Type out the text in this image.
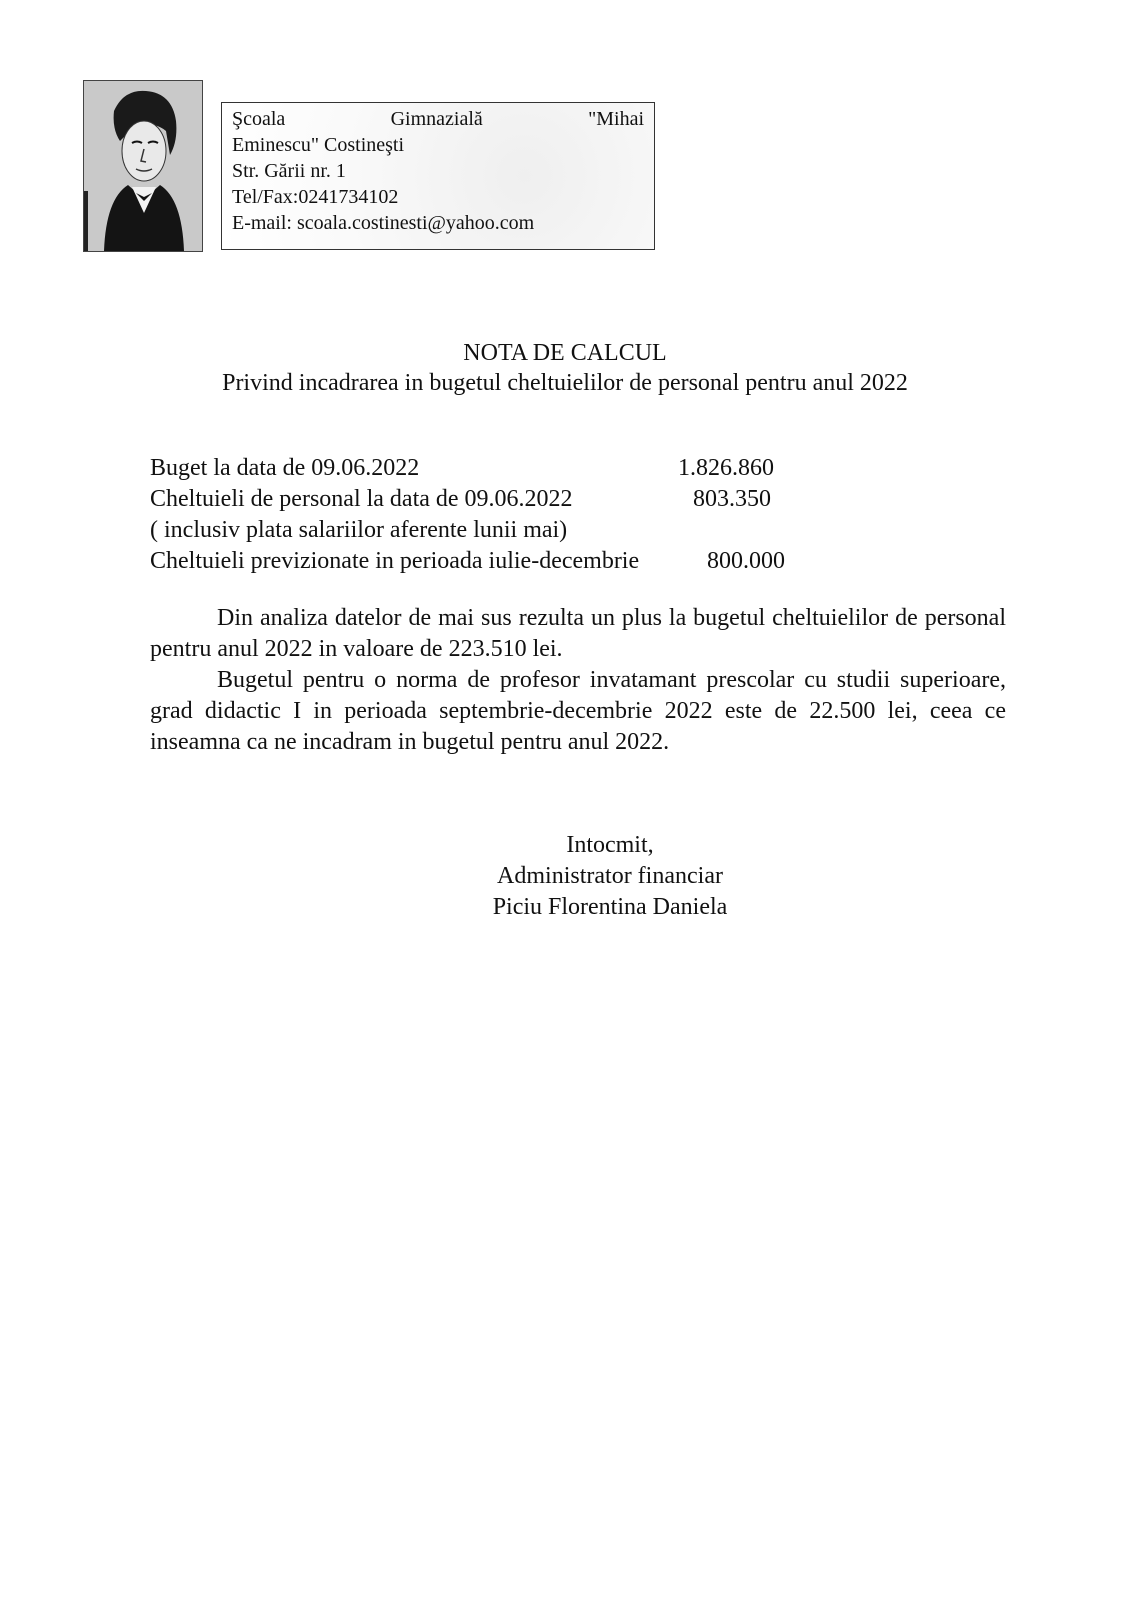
Şcoala	Gimnazială	"Mihai
Eminescu" Costineşti
Str. Gării nr. 1
Tel/Fax:0241734102
E-mail: scoala.costinesti@yahoo.com
NOTA DE CALCUL
Privind incadrarea in bugetul cheltuielilor de personal pentru anul 2022
Buget la data de 09.06.2022	1.826.860
Cheltuieli de personal la data de 09.06.2022	803.350
( inclusiv plata salariilor aferente lunii mai)
Cheltuieli previzionate in perioada iulie-decembrie	800.000

Din analiza datelor de mai sus rezulta un plus la bugetul cheltuielilor de personal pentru anul 2022 in valoare de 223.510 lei.

Bugetul pentru o norma de profesor invatamant prescolar cu studii superioare, grad didactic I in perioada septembrie-decembrie 2022 este de 22.500 lei, ceea ce inseamna ca ne incadram in bugetul pentru anul 2022.

Intocmit,
Administrator financiar
Piciu Florentina Daniela
